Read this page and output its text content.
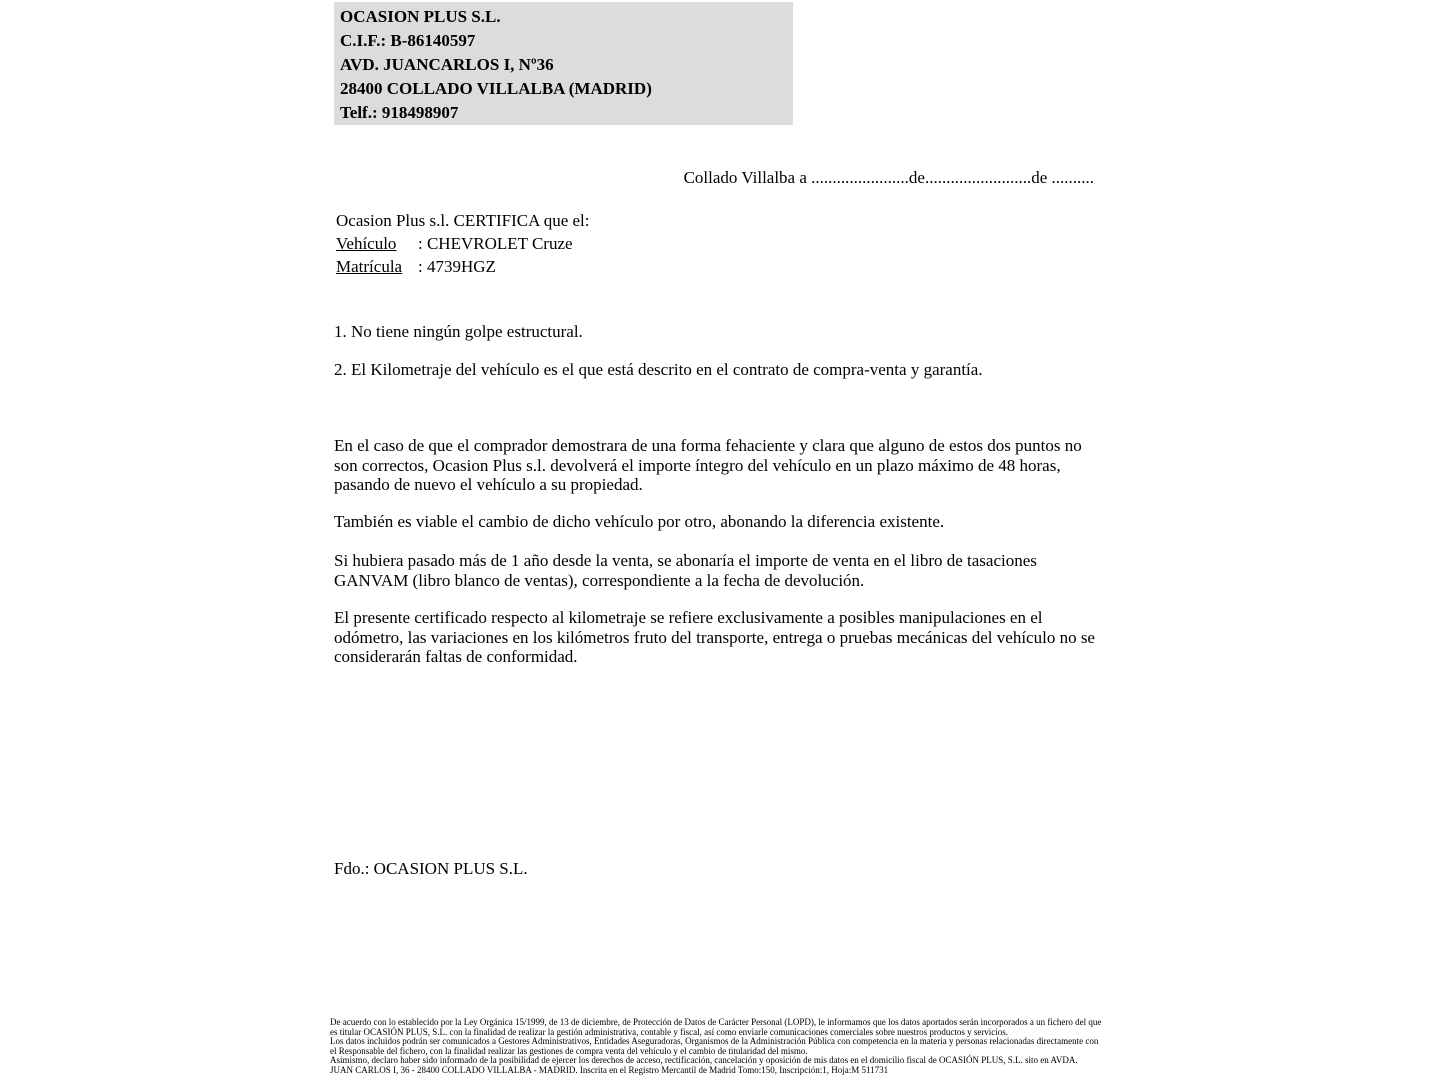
OCASION PLUS S.L.
C.I.F.: B-86140597
AVD. JUANCARLOS I, Nº36
28400 COLLADO VILLALBA (MADRID)
Telf.: 918498907
Collado Villalba a .......................de.........................de ..........
Ocasion Plus s.l. CERTIFICA que el:
Vehículo	: CHEVROLET Cruze
Matrícula : 4739HGZ
1. No tiene ningún golpe estructural.
2. El Kilometraje del vehículo es el que está descrito en el contrato de compra-venta y garantía.
En el caso de que el comprador demostrara de una forma fehaciente y clara que alguno de estos dos puntos no son correctos, Ocasion Plus s.l. devolverá el importe íntegro del vehículo en un plazo máximo de 48 horas, pasando de nuevo el vehículo a su propiedad.
También es viable el cambio de dicho vehículo por otro, abonando la diferencia existente.
Si hubiera pasado más de 1 año desde la venta, se abonaría el importe de venta en el libro de tasaciones GANVAM (libro blanco de ventas), correspondiente a la fecha de devolución.
El presente certificado respecto al kilometraje se refiere exclusivamente a posibles manipulaciones en el odómetro, las variaciones en los kilómetros fruto del transporte, entrega o pruebas mecánicas del vehículo no se considerarán faltas de conformidad.
Fdo.: OCASION PLUS S.L.

De acuerdo con lo establecido por la Ley Orgánica 15/1999, de 13 de diciembre, de Protección de Datos de Carácter Personal (LOPD), le informamos que los datos aportados serán incorporados a un fichero del que es titular OCASIÓN PLUS, S.L. con la finalidad de realizar la gestión administrativa, contable y fiscal, así como enviarle comunicaciones comerciales sobre nuestros productos y servicios.

Los datos incluidos podrán ser comunicados a Gestores Administrativos, Entidades Aseguradoras, Organismos de la Administración Pública con competencia en la materia y personas relacionadas directamente con el Responsable del fichero, con la finalidad realizar las gestiones de compra venta del vehículo y el cambio de titularidad del mismo.

Asimismo, declaro haber sido informado de la posibilidad de ejercer los derechos de acceso, rectificación, cancelación y oposición de mis datos en el domicilio fiscal de OCASIÓN PLUS, S.L. sito en AVDA. JUAN CARLOS I, 36 - 28400 COLLADO VILLALBA - MADRID. Inscrita en el Registro Mercantil de Madrid Tomo:150, Inscripción:1, Hoja:M 511731
